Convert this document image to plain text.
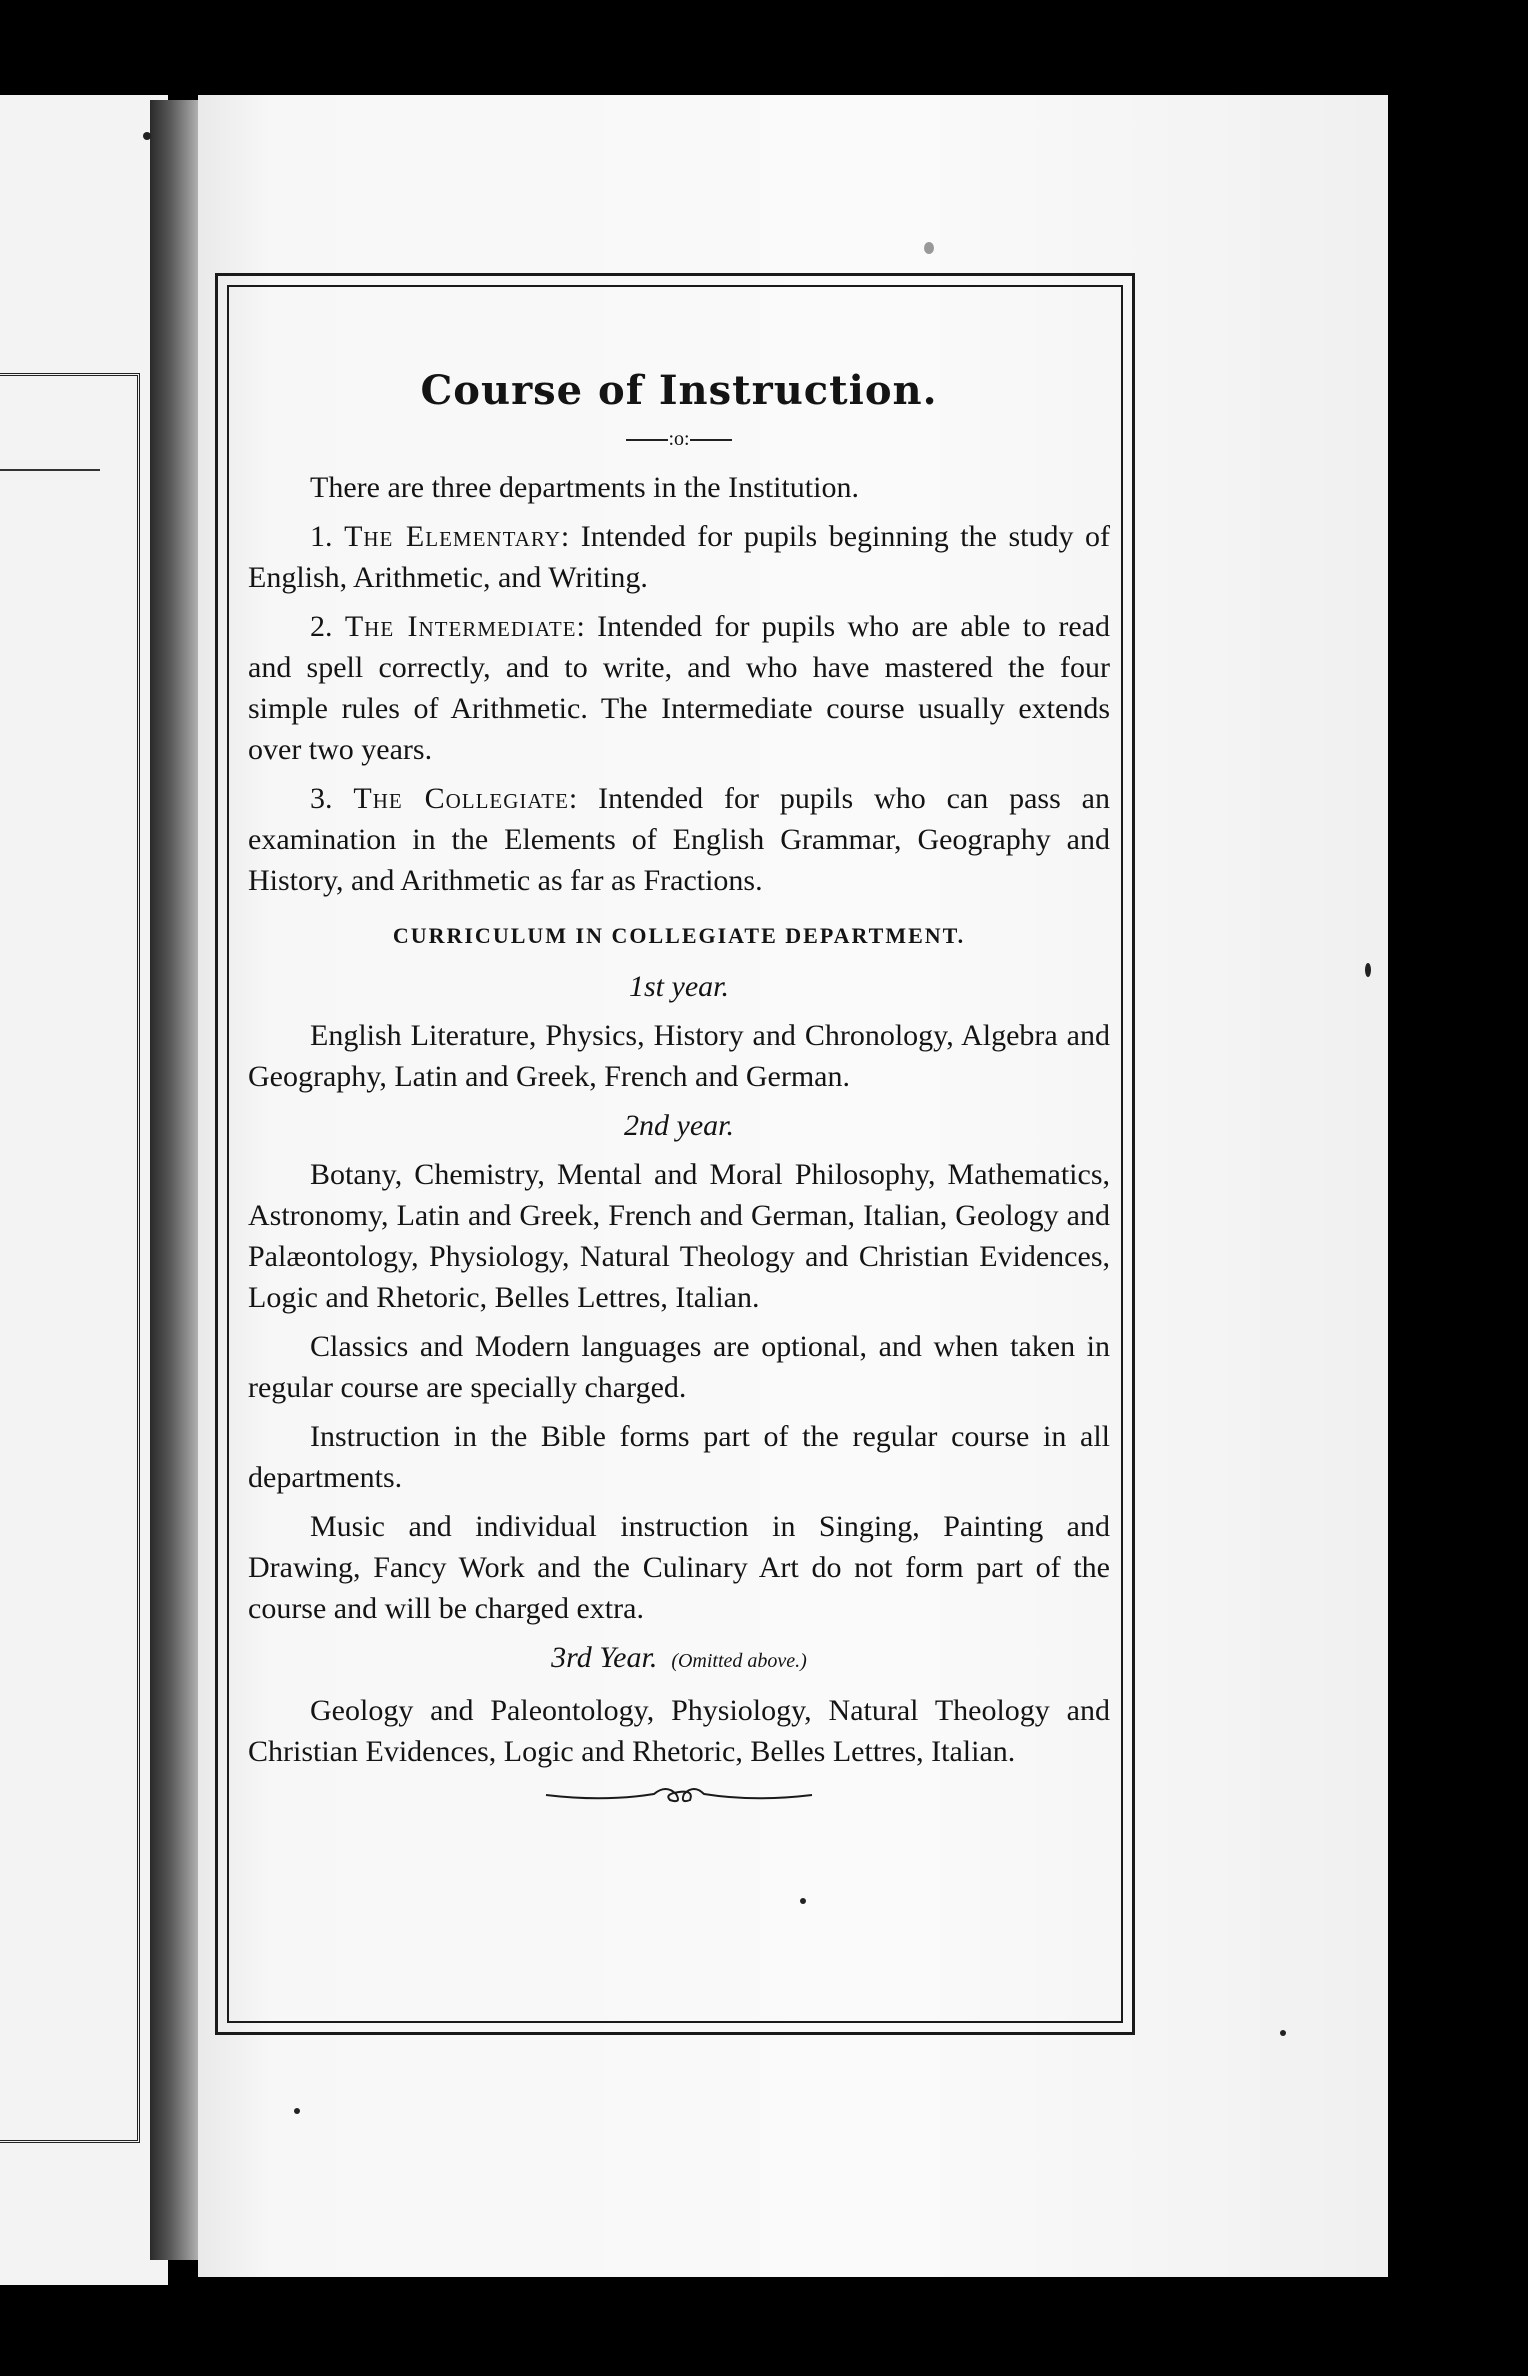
Course of Instruction.
:o:

There are three departments in the Institution.

1. The Elementary: Intended for pupils beginning the study of English, Arithmetic, and Writing.

2. The Intermediate: Intended for pupils who are able to read and spell correctly, and to write, and who have mastered the four simple rules of Arithmetic. The Intermediate course usually extends over two years.

3. The Collegiate: Intended for pupils who can pass an examination in the Elements of English Grammar, Geography and History, and Arithmetic as far as Fractions.

CURRICULUM IN COLLEGIATE DEPARTMENT.
1st year.

English Literature, Physics, History and Chronology, Algebra and Geography, Latin and Greek, French and German.

2nd year.

Botany, Chemistry, Mental and Moral Philosophy, Mathematics, Astronomy, Latin and Greek, French and German, Italian, Geology and Palæontology, Physiology, Natural Theology and Christian Evidences, Logic and Rhetoric, Belles Lettres, Italian.

Classics and Modern languages are optional, and when taken in regular course are specially charged.

Instruction in the Bible forms part of the regular course in all departments.

Music and individual instruction in Singing, Painting and Drawing, Fancy Work and the Culinary Art do not form part of the course and will be charged extra.

3rd Year. (Omitted above.)

Geology and Paleontology, Physiology, Natural Theology and Christian Evidences, Logic and Rhetoric, Belles Lettres, Italian.
